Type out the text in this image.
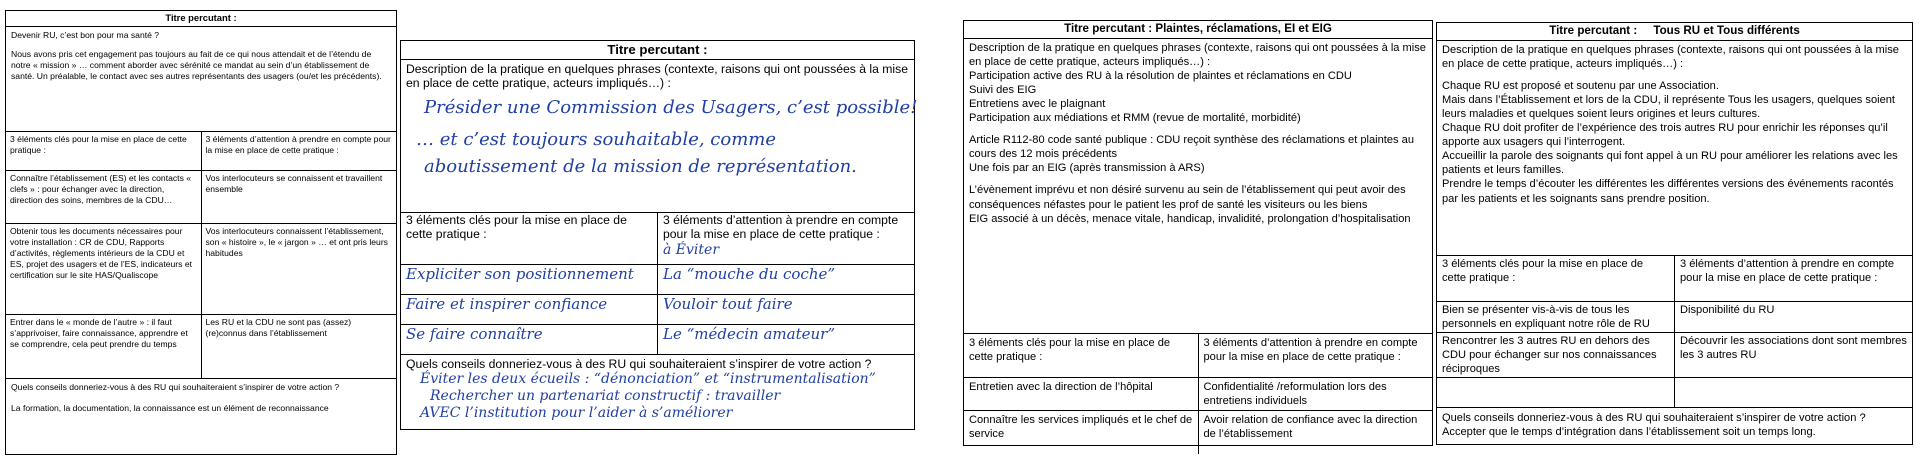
Titre percutant :

Devenir RU, c’est bon pour ma santé ?

Nous avons pris cet engagement pas toujours au fait de ce qui nous attendait et de l’étendu de notre « mission » … comment aborder avec sérénité ce mandat au sein d’un établissement de santé. Un préalable, le contact avec ses autres représentants des usagers (ou/et les précédents).

3 éléments clés pour la mise en place de cette pratique :	3 éléments d’attention à prendre en compte pour la mise en place de cette pratique :
Connaître l’établissement (ES) et les contacts « clefs » : pour échanger avec la direction, direction des soins, membres de la CDU…	Vos interlocuteurs se connaissent et travaillent ensemble
Obtenir tous les documents nécessaires pour votre installation : CR de CDU, Rapports d’activités, règlements intérieurs de la CDU et ES, projet des usagers et de l’ES, indicateurs et certification sur le site HAS/Qualiscope	Vos interlocuteurs connaissent l’établissement, son « histoire », le « jargon » … et ont pris leurs habitudes
Entrer dans le « monde de l’autre » : il faut s’apprivoiser, faire connaissance, apprendre et se comprendre, cela peut prendre du temps	Les RU et la CDU ne sont pas (assez) (re)connus dans l’établissement

Quels conseils donneriez-vous à des RU qui souhaiteraient s’inspirer de votre action ?

La formation, la documentation, la connaissance est un élément de reconnaissance

Titre percutant :

Description de la pratique en quelques phrases (contexte, raisons qui ont poussées à la mise en place de cette pratique, acteurs impliqués…) :

Présider une Commission des Usagers, c’est possible!
… et c’est toujours souhaitable, comme
aboutissement de la mission de représentation.
3 éléments clés pour la mise en place de cette pratique :	3 éléments d’attention à prendre en compte pour la mise en place de cette pratique : à Éviter
Expliciter son positionnement	La “mouche du coche”
Faire et inspirer confiance	Vouloir tout faire
Se faire connaître	Le “médecin amateur”

Quels conseils donneriez-vous à des RU qui souhaiteraient s’inspirer de votre action ?

Éviter les deux écueils : “dénonciation” et “instrumentalisation”
Rechercher un partenariat constructif : travailler
AVEC l’institution pour l’aider à s’améliorer
Titre percutant : Plaintes, réclamations, EI et EIG

Description de la pratique en quelques phrases (contexte, raisons qui ont poussées à la mise en place de cette pratique, acteurs impliqués…) :

Participation active des RU à la résolution de plaintes et réclamations en CDU

Suivi des EIG

Entretiens avec le plaignant

Participation aux médiations et RMM (revue de mortalité, morbidité)

Article R112-80 code santé publique : CDU reçoit synthèse des réclamations et plaintes au cours des 12 mois précédents

Une fois par an EIG (après transmission à ARS)

L’évènement imprévu et non désiré survenu au sein de l’établissement qui peut avoir des conséquences néfastes pour le patient les prof de santé les visiteurs ou les biens

EIG associé à un décès, menace vitale, handicap, invalidité, prolongation d’hospitalisation

3 éléments clés pour la mise en place de cette pratique :	3 éléments d’attention à prendre en compte pour la mise en place de cette pratique :
Entretien avec la direction de l’hôpital	Confidentialité /reformulation lors des entretiens individuels
Connaître les services impliqués et le chef de service	Avoir relation de confiance avec la direction de l’établissement
Titre percutant :     Tous RU et Tous différents

Description de la pratique en quelques phrases (contexte, raisons qui ont poussées à la mise en place de cette pratique, acteurs impliqués…) :

Chaque RU est proposé et soutenu par une Association.

Mais dans l’Établissement et lors de la CDU, il représente Tous les usagers, quelques soient leurs maladies et quelques soient leurs origines et leurs cultures.

Chaque RU doit profiter de l’expérience des trois autres RU pour enrichir les réponses qu’il apporte aux usagers qui l’interrogent.

Accueillir la parole des soignants qui font appel à un RU pour améliorer les relations avec les patients et leurs familles.

Prendre le temps d’écouter les différentes les différentes versions des événements racontés par les patients et les soignants sans prendre position.

3 éléments clés pour la mise en place de cette pratique :	3 éléments d’attention à prendre en compte pour la mise en place de cette pratique :
Bien se présenter vis-à-vis de tous les personnels en expliquant notre rôle de RU	Disponibilité du RU
Rencontrer les 3 autres RU en dehors des CDU pour échanger sur nos connaissances réciproques	Découvrir les associations dont sont membres les 3 autres RU

Quels conseils donneriez-vous à des RU qui souhaiteraient s’inspirer de votre action ?

Accepter que le temps d’intégration dans l’établissement soit un temps long.
